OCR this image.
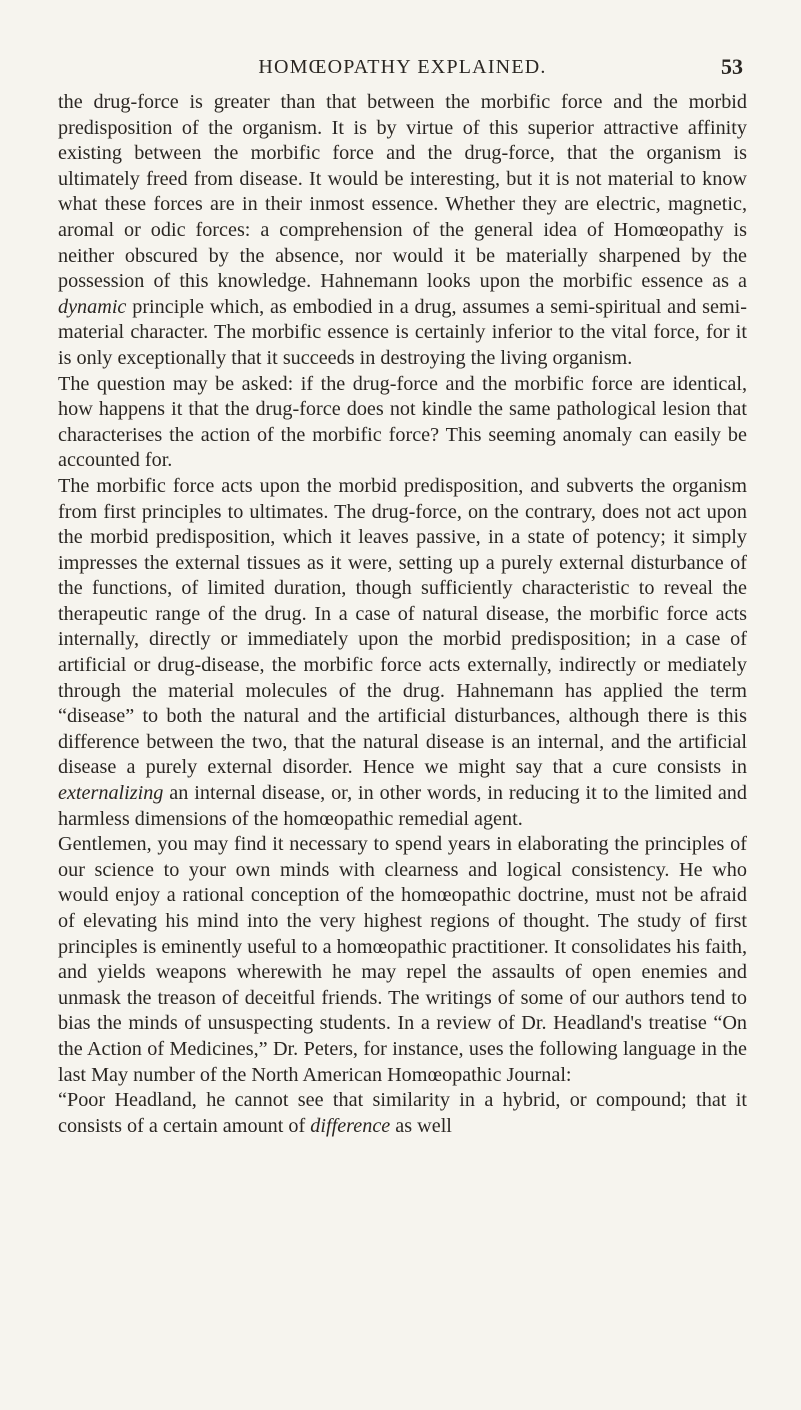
HOMŒOPATHY EXPLAINED.	53

the drug-force is greater than that between the morbific force and the morbid predisposition of the organism. It is by virtue of this superior attractive affinity existing between the morbific force and the drug-force, that the organism is ultimately freed from disease. It would be interesting, but it is not material to know what these forces are in their inmost essence. Whether they are electric, magnetic, aromal or odic forces: a comprehension of the general idea of Homœopathy is neither obscured by the absence, nor would it be materially sharpened by the possession of this knowledge. Hahnemann looks upon the morbific essence as a dynamic principle which, as embodied in a drug, assumes a semi-spiritual and semi-material character. The morbific essence is certainly inferior to the vital force, for it is only exceptionally that it succeeds in destroying the living organism.

The question may be asked: if the drug-force and the morbific force are identical, how happens it that the drug-force does not kindle the same pathological lesion that characterises the action of the morbific force? This seeming anomaly can easily be accounted for.

The morbific force acts upon the morbid predisposition, and subverts the organism from first principles to ultimates. The drug-force, on the contrary, does not act upon the morbid predisposition, which it leaves passive, in a state of potency; it simply impresses the external tissues as it were, setting up a purely external disturbance of the functions, of limited duration, though sufficiently characteristic to reveal the therapeutic range of the drug. In a case of natural disease, the morbific force acts internally, directly or immediately upon the morbid predisposition; in a case of artificial or drug-disease, the morbific force acts externally, indirectly or mediately through the material molecules of the drug. Hahnemann has applied the term “disease” to both the natural and the artificial disturbances, although there is this difference between the two, that the natural disease is an internal, and the artificial disease a purely external disorder. Hence we might say that a cure consists in externalizing an internal disease, or, in other words, in reducing it to the limited and harmless dimensions of the homœopathic remedial agent.

Gentlemen, you may find it necessary to spend years in elaborating the principles of our science to your own minds with clearness and logical consistency. He who would enjoy a rational conception of the homœopathic doctrine, must not be afraid of elevating his mind into the very highest regions of thought. The study of first principles is eminently useful to a homœopathic practitioner. It consolidates his faith, and yields weapons wherewith he may repel the assaults of open enemies and unmask the treason of deceitful friends. The writings of some of our authors tend to bias the minds of unsuspecting students. In a review of Dr. Headland's treatise “On the Action of Medicines,” Dr. Peters, for instance, uses the following language in the last May number of the North American Homœopathic Journal:

“Poor Headland, he cannot see that similarity in a hybrid, or compound; that it consists of a certain amount of difference as well
